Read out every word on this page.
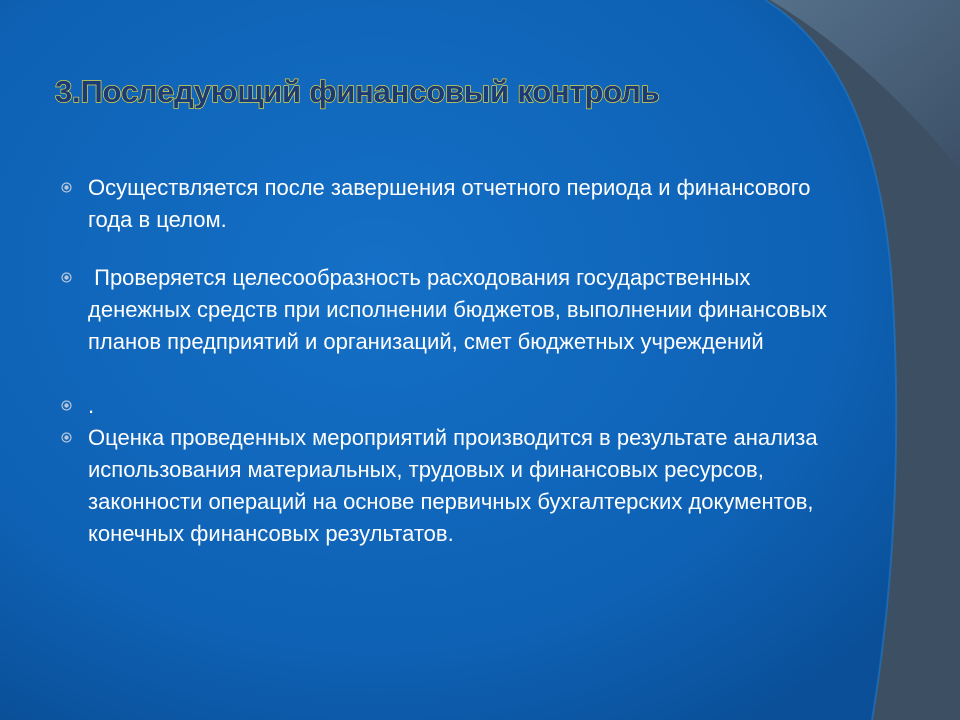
3.Последующий финансовый контроль
Осуществляется после завершения отчетного периода и финансового года в целом.
Проверяется целесообразность расходования государственных денежных средств при исполнении бюджетов, выполнении финансовых планов предприятий и организаций, смет бюджетных учреждений
.
Оценка проведенных мероприятий производится в результате анализа использования материальных, трудовых и финансовых ресурсов, законности операций на основе первичных бухгалтерских документов, конечных финансовых результатов.
